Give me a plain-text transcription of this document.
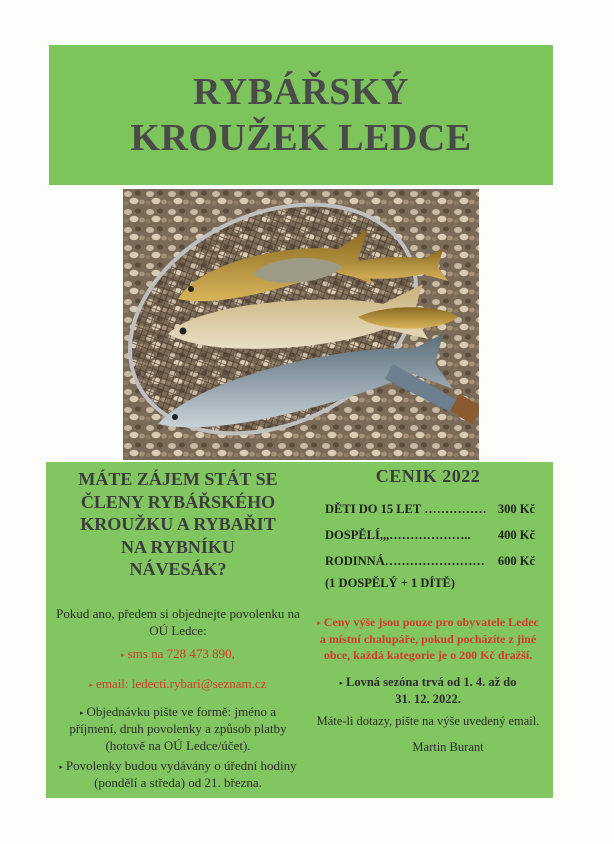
RYBÁŘSKÝ
KROUŽEK LEDCE
MÁTE ZÁJEM STÁT SE
ČLENY RYBÁŘSKÉHO
KROUŽKU A RYBAŘIT
NA RYBNÍKU
NÁVESÁK?
Pokud ano, předem si objednejte povolenku na
OÚ Ledce:
▸ sms na 728 473 890,
▸ email: ledecti.rybari@seznam.cz
▸ Objednávku pište ve formě: jméno a
příjmení, druh povolenky a způsob platby
(hotově na OÚ Ledce/účet).
▸ Povolenky budou vydávány o úřední hodiny
(pondělí a středa) od 21. března.
CENIK 2022
DĚTI DO 15 LET …………… 300 Kč
DOSPĚLÍ,,,……………….. 400 Kč
RODINNÁ…………………… 600 Kč
(1 DOSPĚLÝ + 1 DÍTĚ)
▸ Ceny výše jsou pouze pro obyvatele Ledec
a místní chalupáře, pokud pocházíte z jiné
obce, každá kategorie je o 200 Kč dražší.
▸ Lovná sezóna trvá od 1. 4. až do
31. 12. 2022.
Máte-li dotazy, pište na výše uvedený email.
Martin Burant
